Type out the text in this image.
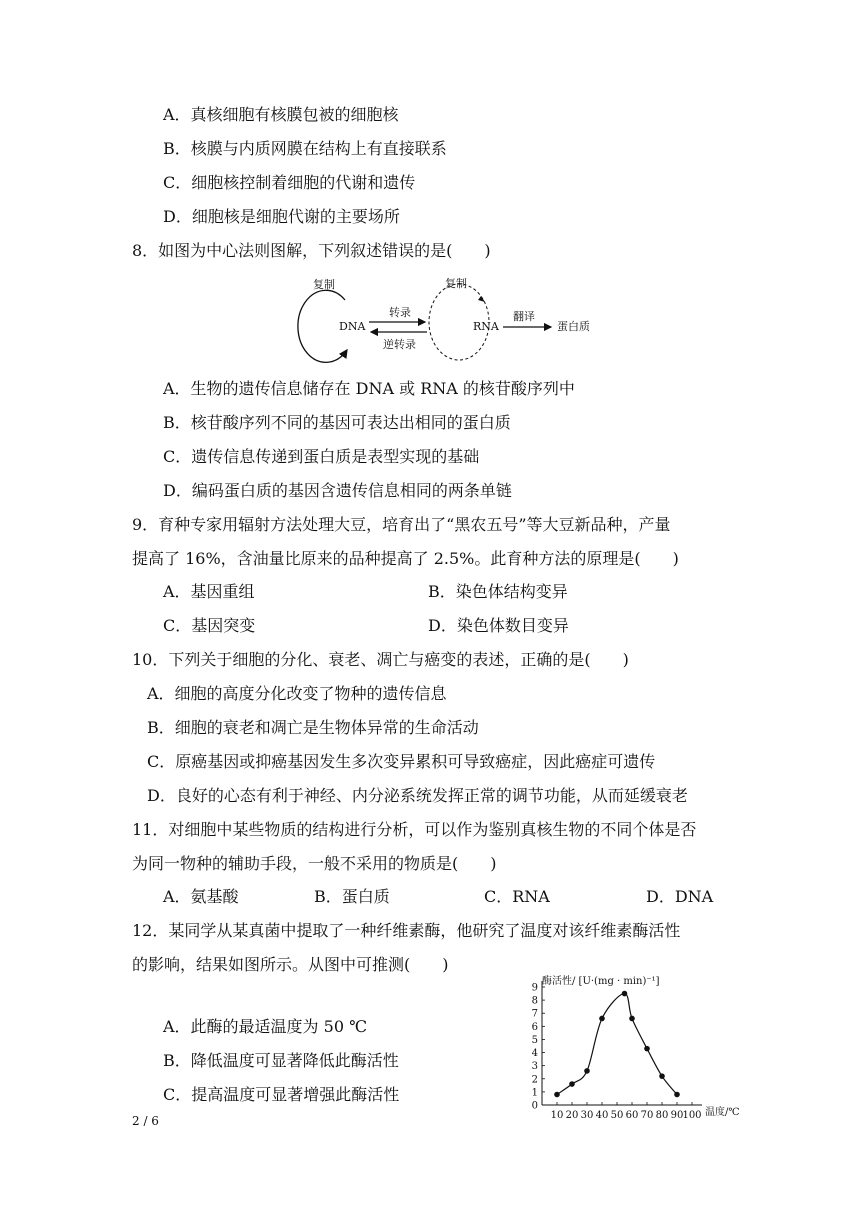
A．真核细胞有核膜包被的细胞核
B．核膜与内质网膜在结构上有直接联系
C．细胞核控制着细胞的代谢和遗传
D．细胞核是细胞代谢的主要场所
8．如图为中心法则图解，下列叙述错误的是(　　)
复制
DNA
转录
逆转录
复制
RNA
翻译
蛋白质
A．生物的遗传信息储存在 DNA 或 RNA 的核苷酸序列中
B．核苷酸序列不同的基因可表达出相同的蛋白质
C．遗传信息传递到蛋白质是表型实现的基础
D．编码蛋白质的基因含遗传信息相同的两条单链
9．育种专家用辐射方法处理大豆，培育出了“黑农五号”等大豆新品种，产量
提高了 16%，含油量比原来的品种提高了 2.5%。此育种方法的原理是(　　)
A．基因重组	B．染色体结构变异
C．基因突变	D．染色体数目变异
10．下列关于细胞的分化、衰老、凋亡与癌变的表述，正确的是(　　)
A．细胞的高度分化改变了物种的遗传信息
B．细胞的衰老和凋亡是生物体异常的生命活动
C．原癌基因或抑癌基因发生多次变异累积可导致癌症，因此癌症可遗传
D．良好的心态有利于神经、内分泌系统发挥正常的调节功能，从而延缓衰老
11．对细胞中某些物质的结构进行分析，可以作为鉴别真核生物的不同个体是否
为同一物种的辅助手段，一般不采用的物质是(　　)
A．氨基酸	B．蛋白质	C．RNA	D．DNA
12．某同学从某真菌中提取了一种纤维素酶，他研究了温度对该纤维素酶活性
的影响，结果如图所示。从图中可推测(　　)
A．此酶的最适温度为 50 ℃
B．降低温度可显著降低此酶活性
C．提高温度可显著增强此酶活性
酶活性/ [U·(mg · min)⁻¹]
温度/℃
0
1
2
3
4
5
6
7
8
9
10 20 30 40 50 60 70 80 90 100
2 / 6
